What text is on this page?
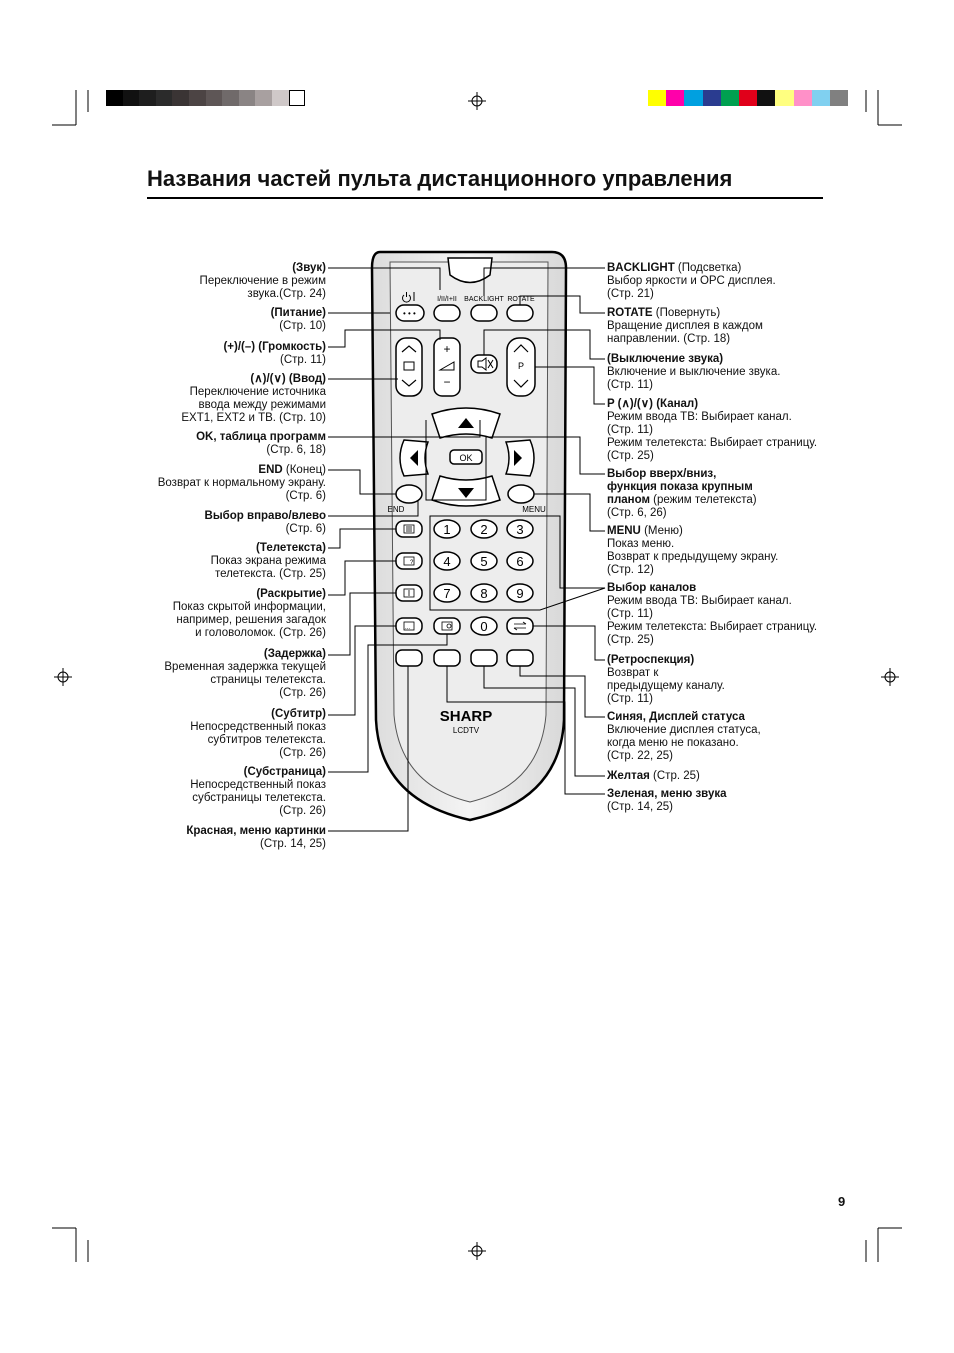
Названия частей пульта дистанционного управления
• • •
I/II/I+II BACKLIGHT ROTATE
+
−
P
OK
END	MENU
?
...
1 2 3
4 5 6
7 8 9
0
SHARP
LCDTV
(Звук)
Переключение в режим
звука.(Стр. 24)
(Питание)
(Стр. 10)
(+)/(–) (Громкость)
(Стр. 11)
(∧)/(∨) (Ввод)
Переключение источника
ввода между режимами
EXT1, EXT2 и ТВ. (Стр. 10)
OK, таблица программ
(Стр. 6, 18)
END (Конец)
Возврат к нормальному экрану.
(Стр. 6)
Выбор вправо/влево
(Стр. 6)
(Телетекста)
Показ экрана режима
телетекста. (Стр. 25)
(Раскрытие)
Показ скрытой информации,
например, решения загадок
и головоломок. (Стр. 26)
(Задержка)
Временная задержка текущей
страницы телетекста.
(Стр. 26)
(Субтитр)
Непосредственный показ
субтитров телетекста.
(Стр. 26)
(Субстраница)
Непосредственный показ
субстраницы телетекста.
(Стр. 26)
Красная, меню картинки
(Стр. 14, 25)
BACKLIGHT (Подсветка)
Выбор яркости и OPC дисплея.
(Стр. 21)
ROTATE (Повернуть)
Вращение дисплея в каждом
направлении. (Стр. 18)
(Выключение звука)
Включение и выключение звука.
(Стр. 11)
P (∧)/(∨) (Канал)
Режим ввода ТВ: Выбирает канал.
(Стр. 11)
Режим телетекста: Выбирает страницу.
(Стр. 25)
Выбор вверх/вниз,
функция показа крупным
планом (режим телетекста)
(Стр. 6, 26)
MENU (Меню)
Показ меню.
Возврат к предыдущему экрану.
(Стр. 12)
Выбор каналов
Режим ввода ТВ: Выбирает канал.
(Стр. 11)
Режим телетекста: Выбирает страницу.
(Стр. 25)
(Ретроспекция)
Возврат к
предыдущему каналу.
(Стр. 11)
Синяя, Дисплей статуса
Включение дисплея статуса,
когда меню не показано.
(Стр. 22, 25)
Желтая (Стр. 25)
Зеленая, меню звука
(Стр. 14, 25)
9
